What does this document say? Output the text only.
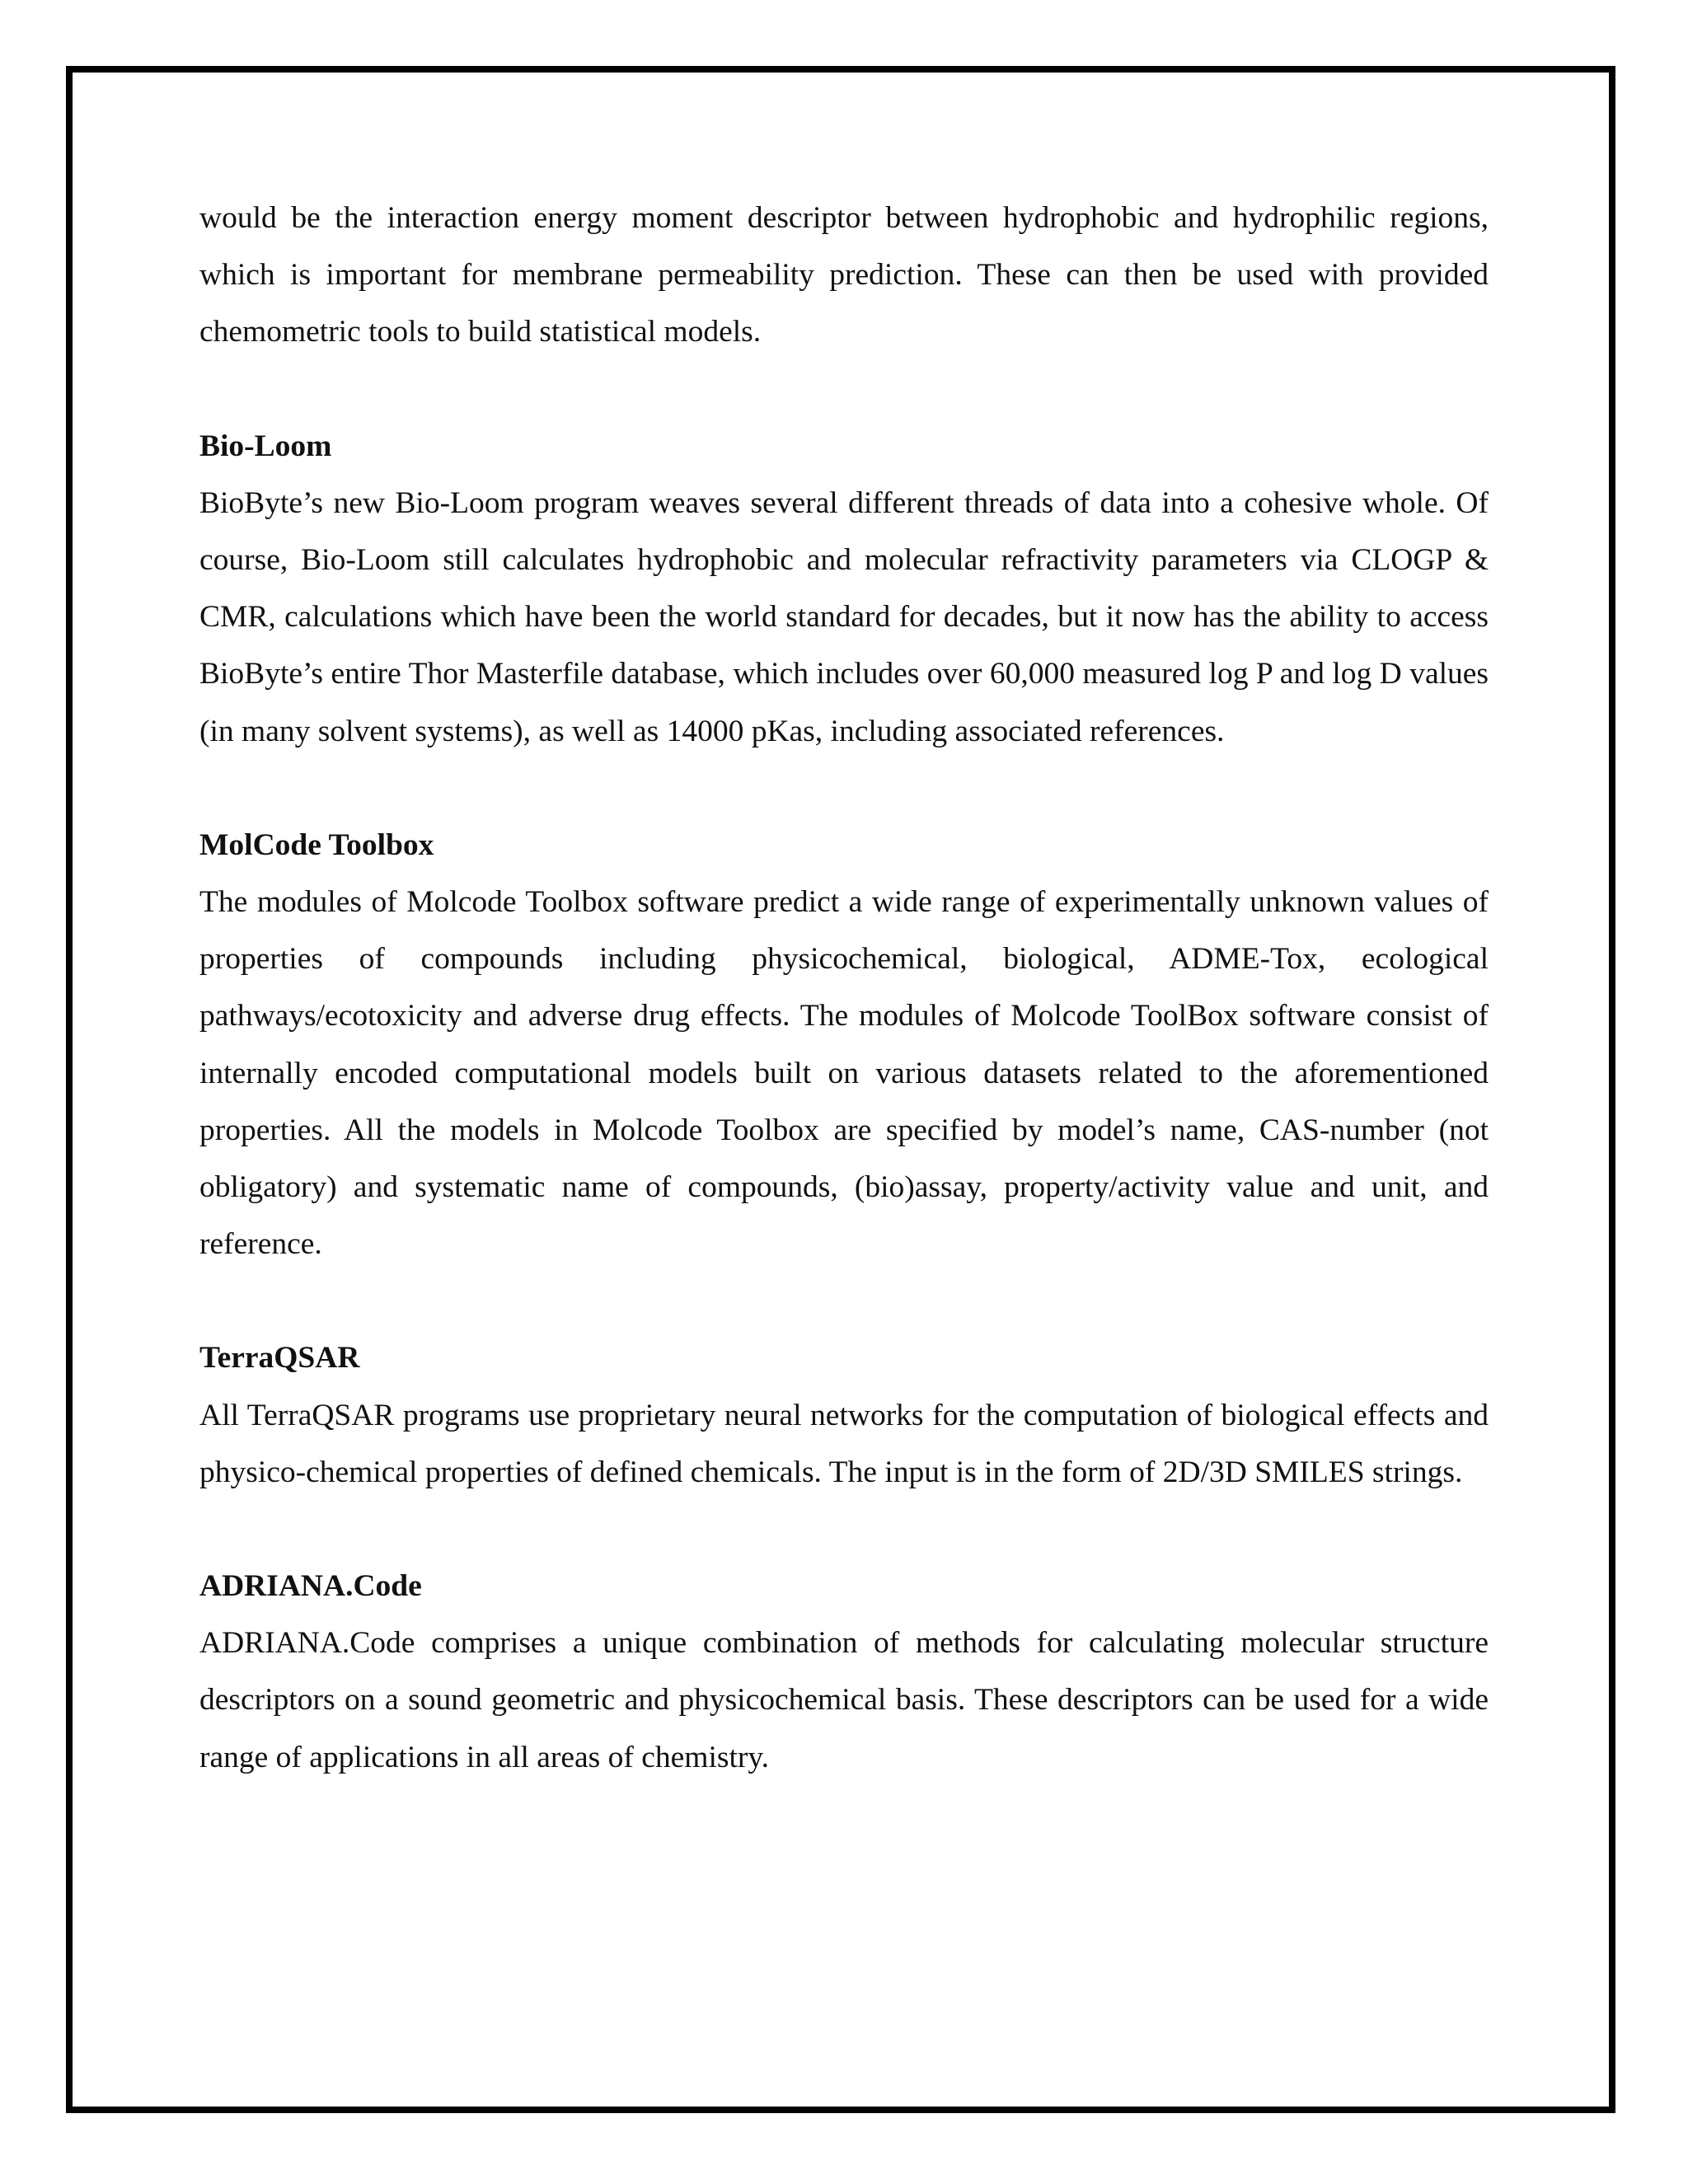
would be the interaction energy moment descriptor between hydrophobic and hydrophilic regions, which is important for membrane permeability prediction. These can then be used with provided chemometric tools to build statistical models.

Bio-Loom

BioByte’s new Bio-Loom program weaves several different threads of data into a cohesive whole. Of course, Bio-Loom still calculates hydrophobic and molecular refractivity parameters via CLOGP & CMR, calculations which have been the world standard for decades, but it now has the ability to access BioByte’s entire Thor Masterfile database, which includes over 60,000 measured log P and log D values (in many solvent systems), as well as 14000 pKas, including associated references.

MolCode Toolbox

The modules of Molcode Toolbox software predict a wide range of experimentally unknown values of properties of compounds including physicochemical, biological, ADME-Tox, ecological pathways/ecotoxicity and adverse drug effects. The modules of Molcode ToolBox software consist of internally encoded computational models built on various datasets related to the aforementioned properties. All the models in Molcode Toolbox are specified by model’s name, CAS-number (not obligatory) and systematic name of compounds, (bio)assay, property/activity value and unit, and reference.

TerraQSAR

All TerraQSAR programs use proprietary neural networks for the computation of biological effects and physico-chemical properties of defined chemicals. The input is in the form of 2D/3D SMILES strings.

ADRIANA.Code

ADRIANA.Code comprises a unique combination of methods for calculating molecular structure descriptors on a sound geometric and physicochemical basis. These descriptors can be used for a wide range of applications in all areas of chemistry.
